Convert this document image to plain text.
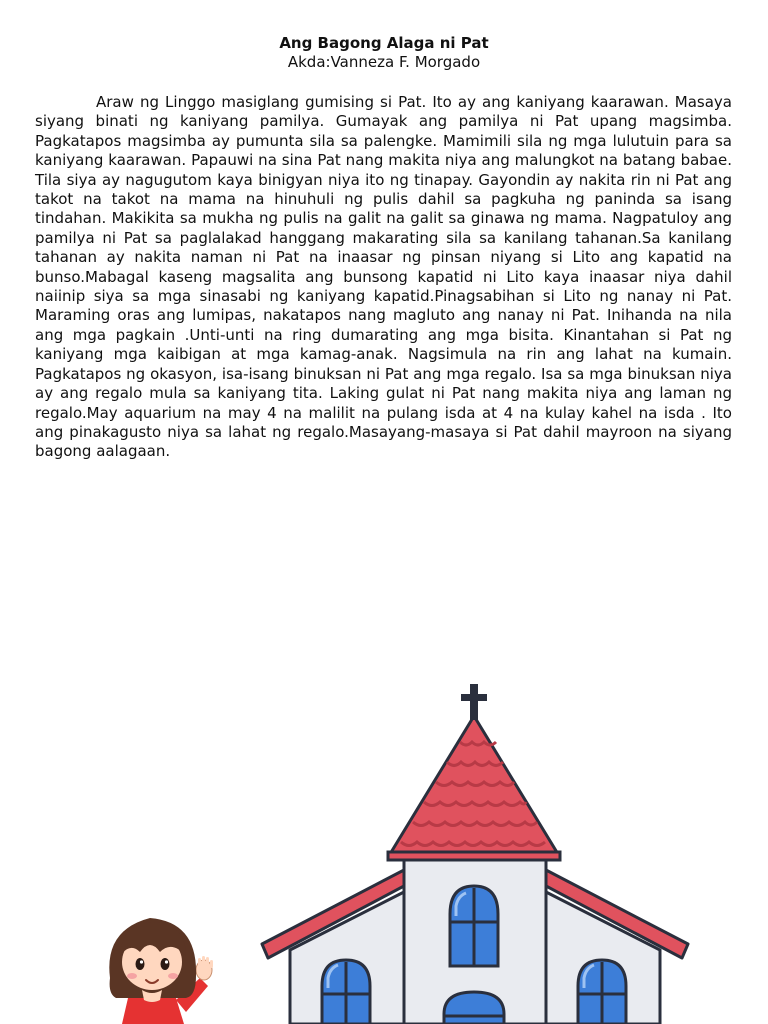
Ang Bagong Alaga ni Pat
Akda:Vanneza F. Morgado

Araw ng Linggo masiglang gumising si Pat. Ito ay ang kaniyang kaarawan. Masaya siyang binati ng kaniyang pamilya. Gumayak ang pamilya ni Pat upang magsimba. Pagkatapos magsimba ay pumunta sila sa palengke. Mamimili sila ng mga lulutuin para sa kaniyang kaarawan. Papauwi na sina Pat nang makita niya ang malungkot na batang babae. Tila siya ay nagugutom kaya binigyan niya ito ng tinapay. Gayondin ay nakita rin ni Pat ang takot na takot na mama na hinuhuli ng pulis dahil sa pagkuha ng paninda sa isang tindahan. Makikita sa mukha ng pulis na galit na galit sa ginawa ng mama. Nagpatuloy ang pamilya ni Pat sa paglalakad hanggang makarating sila sa kanilang tahanan.Sa kanilang tahanan ay nakita naman ni Pat na inaasar ng pinsan niyang si Lito ang kapatid na bunso.Mabagal kaseng magsalita ang bunsong kapatid ni Lito kaya inaasar niya dahil naiinip siya sa mga sinasabi ng kaniyang kapatid.Pinagsabihan si Lito ng nanay ni Pat. Maraming oras ang lumipas, nakatapos nang magluto ang nanay ni Pat. Inihanda na nila ang mga pagkain .Unti-unti na ring dumarating ang mga bisita. Kinantahan si Pat ng kaniyang mga kaibigan at mga kamag-anak. Nagsimula na rin ang lahat na kumain. Pagkatapos ng okasyon, isa-isang binuksan ni Pat ang mga regalo. Isa sa mga binuksan niya ay ang regalo mula sa kaniyang tita. Laking gulat ni Pat nang makita niya ang laman ng regalo.May aquarium na may 4 na malilit na pulang isda at 4 na kulay kahel na isda . Ito ang pinakagusto niya sa lahat ng regalo.Masayang-masaya si Pat dahil mayroon na siyang bagong aalagaan.
